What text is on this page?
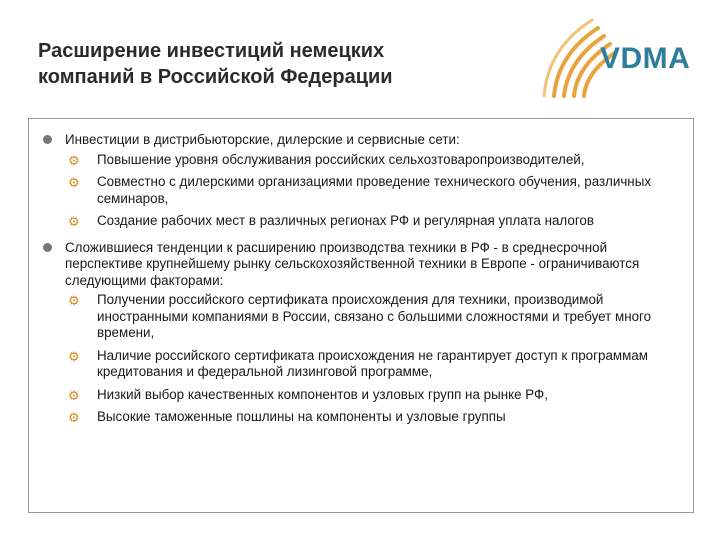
Расширение инвестиций немецких
компаний в Российской Федерации
VDMA
Инвестиции в дистрибьюторские, дилерские и сервисные сети:
⚙ Повышение уровня обслуживания российских сельхозтоваропроизводителей,
⚙ Совместно с дилерскими организациями проведение технического обучения, различных семинаров,
⚙ Создание рабочих мест в различных регионах РФ и регулярная уплата налогов
Сложившиеся тенденции к расширению производства техники в РФ - в среднесрочной перспективе крупнейшему рынку сельскохозяйственной техники в Европе - ограничиваются следующими факторами:
⚙ Получении российского сертификата происхождения для техники, производимой иностранными компаниями в России, связано с большими сложностями и требует много времени,
⚙ Наличие российского сертификата происхождения не гарантирует доступ к программам кредитования и федеральной лизинговой программе,
⚙ Низкий выбор качественных компонентов и узловых групп на рынке РФ,
⚙ Высокие таможенные пошлины на компоненты и узловые группы
